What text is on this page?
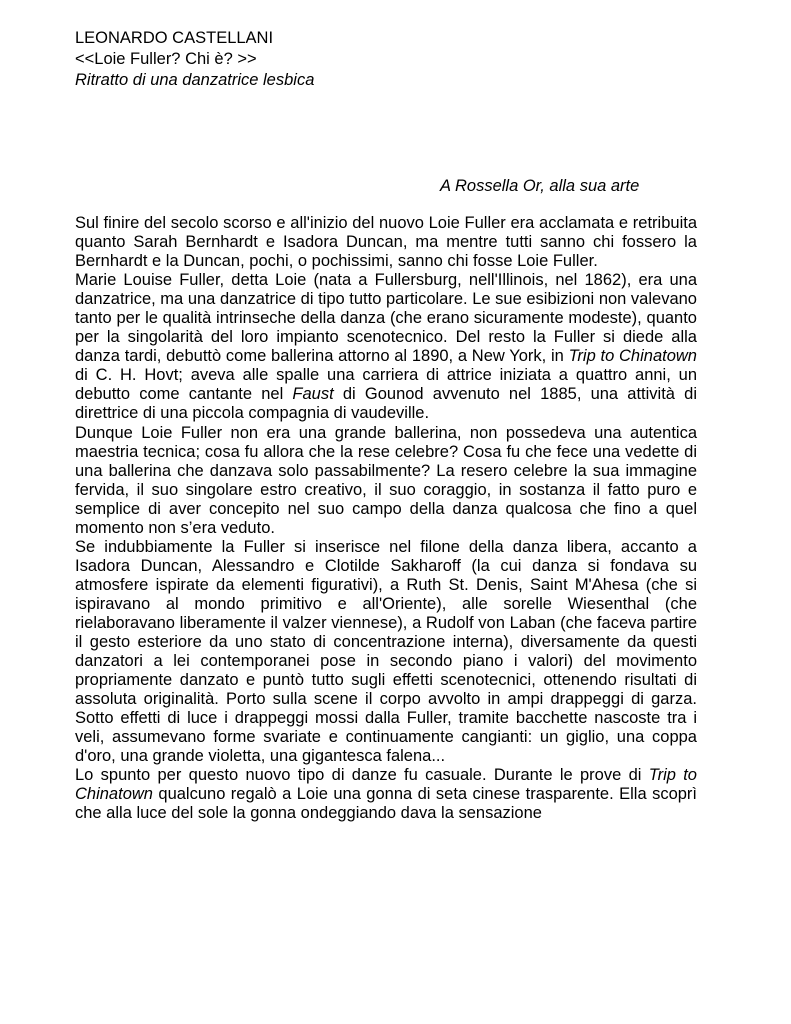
LEONARDO CASTELLANI
<<Loie Fuller? Chi è? >>
Ritratto di una danzatrice lesbica
A Rossella Or, alla sua arte

Sul finire del secolo scorso e all'inizio del nuovo Loie Fuller era acclamata e retribuita quanto Sarah Bernhardt e Isadora Duncan, ma mentre tutti sanno chi fossero la Bernhardt e la Duncan, pochi, o pochissimi, sanno chi fosse Loie Fuller.

Marie Louise Fuller, detta Loie (nata a Fullersburg, nell'Illinois, nel 1862), era una danzatrice, ma una danzatrice di tipo tutto particolare. Le sue esibizioni non valevano tanto per le qualità intrinseche della danza (che erano sicuramente modeste), quanto per la singolarità del loro impianto scenotecnico. Del resto la Fuller si diede alla danza tardi, debuttò come ballerina attorno al 1890, a New York, in Trip to Chinatown di C. H. Hovt; aveva alle spalle una carriera di attrice iniziata a quattro anni, un debutto come cantante nel Faust di Gounod avvenuto nel 1885, una attività di direttrice di una piccola compagnia di vaudeville.

Dunque Loie Fuller non era una grande ballerina, non possedeva una autentica maestria tecnica; cosa fu allora che la rese celebre? Cosa fu che fece una vedette di una ballerina che danzava solo passabilmente? La resero celebre la sua immagine fervida, il suo singolare estro creativo, il suo coraggio, in sostanza il fatto puro e semplice di aver concepito nel suo campo della danza qualcosa che fino a quel momento non s’era veduto.

Se indubbiamente la Fuller si inserisce nel filone della danza libera, accanto a Isadora Duncan, Alessandro e Clotilde Sakharoff (la cui danza si fondava su atmosfere ispirate da elementi figurativi), a Ruth St. Denis, Saint M'Ahesa (che si ispiravano al mondo primitivo e all'Oriente), alle sorelle Wiesenthal (che rielaboravano liberamente il valzer viennese), a Rudolf von Laban (che faceva partire il gesto esteriore da uno stato di concentrazione interna), diversamente da questi danzatori a lei contemporanei pose in secondo piano i valori) del movimento propriamente danzato e puntò tutto sugli effetti scenotecnici, ottenendo risultati di assoluta originalità. Porto sulla scene il corpo avvolto in ampi drappeggi di garza. Sotto effetti di luce i drappeggi mossi dalla Fuller, tramite bacchette nascoste tra i veli, assumevano forme svariate e continuamente cangianti: un giglio, una coppa d'oro, una grande violetta, una gigantesca falena...

Lo spunto per questo nuovo tipo di danze fu casuale. Durante le prove di Trip to Chinatown qualcuno regalò a Loie una gonna di seta cinese trasparente. Ella scoprì che alla luce del sole la gonna ondeggiando dava la sensazione
